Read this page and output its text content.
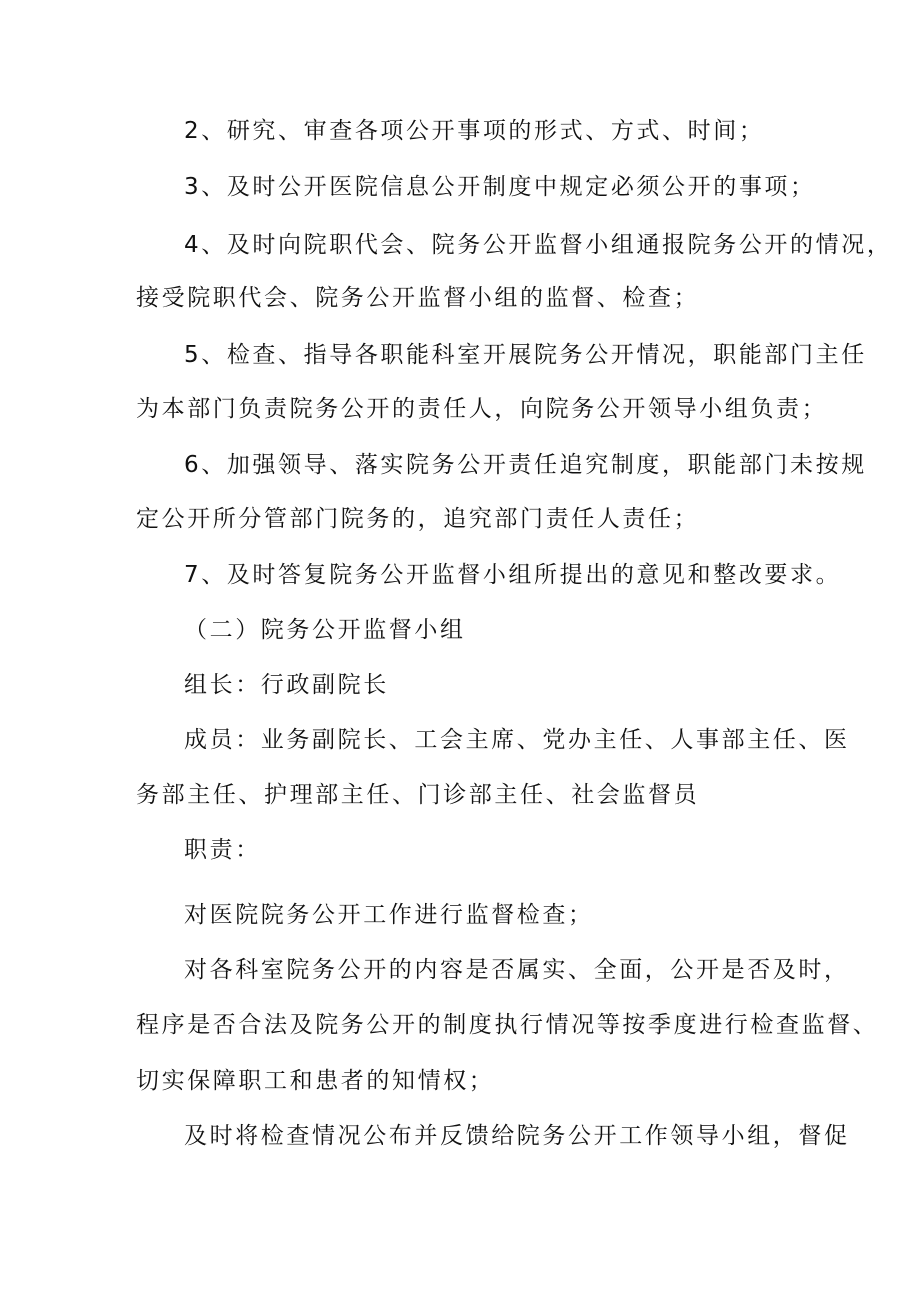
2、研究、审查各项公开事项的形式、方式、时间；

3、及时公开医院信息公开制度中规定必须公开的事项；

4、及时向院职代会、院务公开监督小组通报院务公开的情况，

接受院职代会、院务公开监督小组的监督、检查；

5、检查、指导各职能科室开展院务公开情况，职能部门主任

为本部门负责院务公开的责任人，向院务公开领导小组负责；

6、加强领导、落实院务公开责任追究制度，职能部门未按规

定公开所分管部门院务的，追究部门责任人责任；

7、及时答复院务公开监督小组所提出的意见和整改要求。

（二）院务公开监督小组

组长：行政副院长

成员：业务副院长、工会主席、党办主任、人事部主任、医

务部主任、护理部主任、门诊部主任、社会监督员

职责：

对医院院务公开工作进行监督检查；

对各科室院务公开的内容是否属实、全面，公开是否及时，

程序是否合法及院务公开的制度执行情况等按季度进行检查监督、

切实保障职工和患者的知情权；

及时将检查情况公布并反馈给院务公开工作领导小组，督促
